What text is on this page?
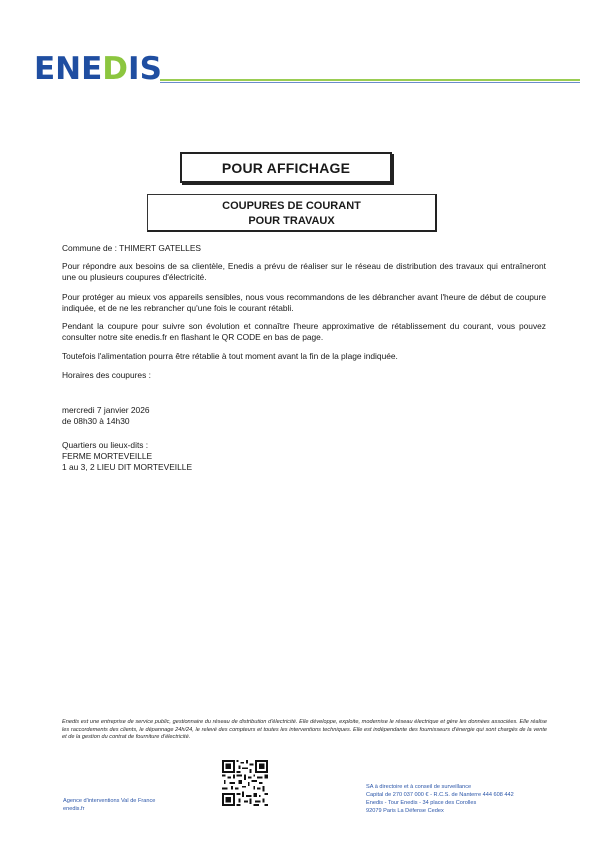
ENEDIS
POUR AFFICHAGE
COUPURES DE COURANT
POUR TRAVAUX
Commune de : THIMERT GATELLES
Pour répondre aux besoins de sa clientèle, Enedis a prévu de réaliser sur le réseau de distribution des travaux qui entraîneront une ou plusieurs coupures d'électricité.
Pour protéger au mieux vos appareils sensibles, nous vous recommandons de les débrancher avant l'heure de début de coupure indiquée, et de ne les rebrancher qu'une fois le courant rétabli.
Pendant la coupure pour suivre son évolution et connaître l'heure approximative de rétablissement du courant, vous pouvez consulter notre site enedis.fr en flashant le QR CODE en bas de page.
Toutefois l'alimentation pourra être rétablie à tout moment avant la fin de la plage indiquée.
Horaires des coupures :
mercredi 7 janvier 2026
de 08h30 à 14h30
Quartiers ou lieux-dits :
FERME MORTEVEILLE
1 au 3, 2 LIEU DIT MORTEVEILLE
Enedis est une entreprise de service public, gestionnaire du réseau de distribution d'électricité. Elle développe, exploite, modernise le réseau électrique et gère les données associées. Elle réalise les raccordements des clients, le dépannage 24h/24, le relevé des compteurs et toutes les interventions techniques. Elle est indépendante des fournisseurs d'énergie qui sont chargés de la vente et de la gestion du contrat de fourniture d'électricité.
Agence d'interventions Val de France
enedis.fr
SA à directoire et à conseil de surveillance
Capital de 270 037 000 € - R.C.S. de Nanterre 444 608 442
Enedis - Tour Enedis - 34 place des Corolles
92079 Paris La Défense Cedex
